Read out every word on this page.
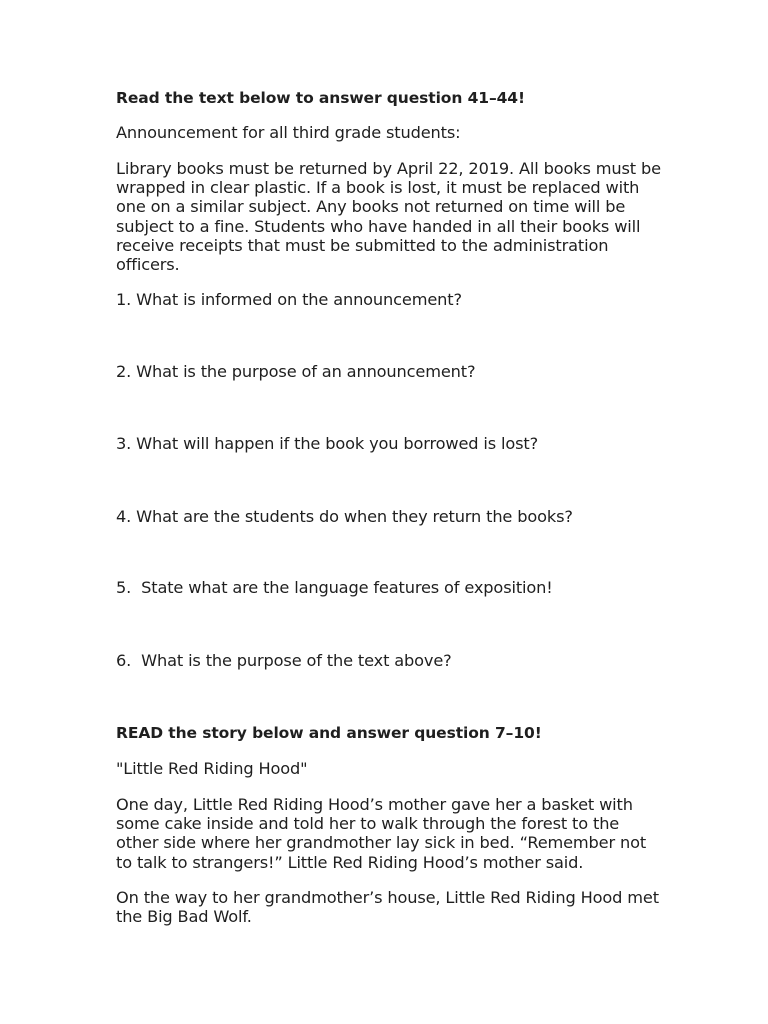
Read the text below to answer question 41–44!
Announcement for all third grade students:
Library books must be returned by April 22, 2019. All books must be wrapped in clear plastic. If a book is lost, it must be replaced with one on a similar subject. Any books not returned on time will be subject to a fine. Students who have handed in all their books will receive receipts that must be submitted to the administration officers.
1. What is informed on the announcement?
2. What is the purpose of an announcement?
3. What will happen if the book you borrowed is lost?
4. What are the students do when they return the books?
5.  State what are the language features of exposition!
6.  What is the purpose of the text above?
READ the story below and answer question 7–10!
"Little Red Riding Hood"
One day, Little Red Riding Hood’s mother gave her a basket with some cake inside and told her to walk through the forest to the other side where her grandmother lay sick in bed. “Remember not to talk to strangers!” Little Red Riding Hood’s mother said.
On the way to her grandmother’s house, Little Red Riding Hood met the Big Bad Wolf.
